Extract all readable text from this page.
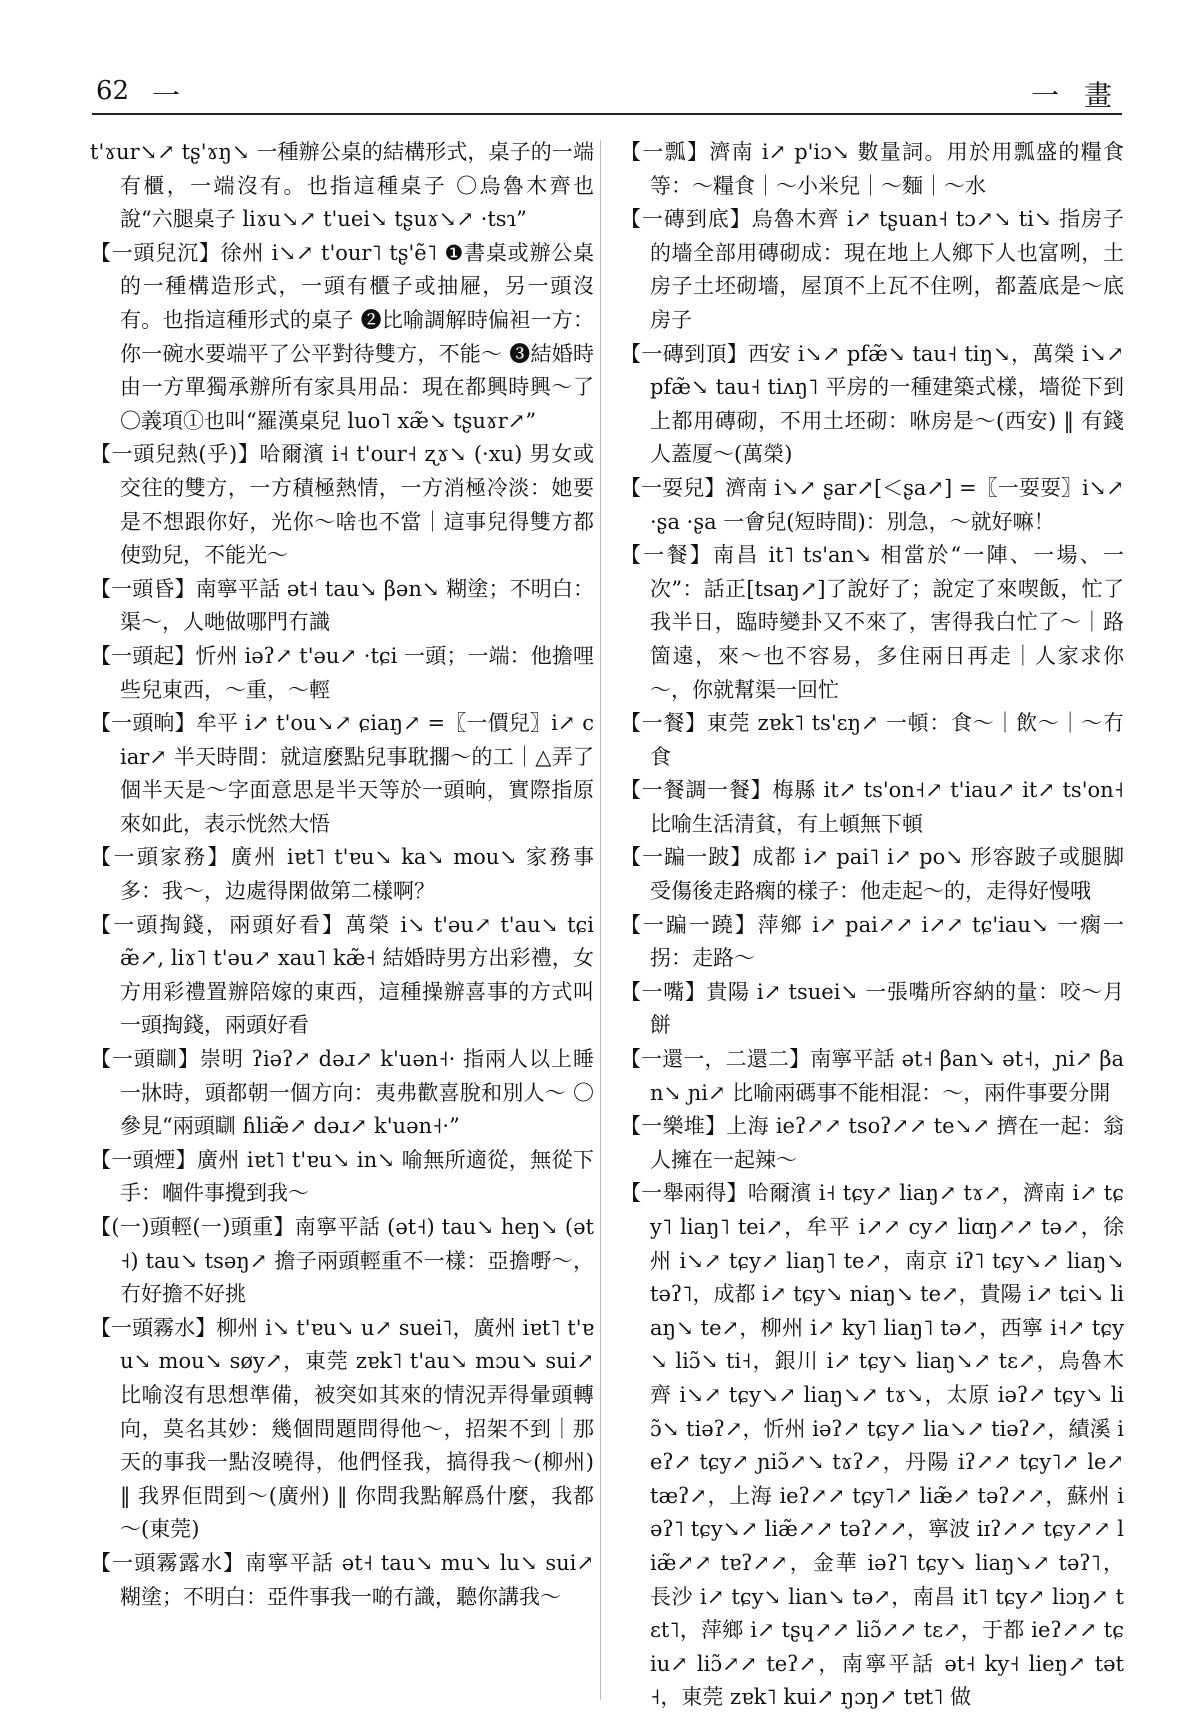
62 一	一 畫

t'ɤur↘↗ tʂ'ɤŋ↘ 一種辦公桌的結構形式，桌子的一端有櫃，一端沒有。也指這種桌子 〇烏魯木齊也說“六腿桌子 liɤu↘↗ t'uei↘ tʂuɤ↘↗ ·tsɿ”

【一頭兒沉】徐州 i↘↗ t'our˥ tʂ'ẽ˥ ❶書桌或辦公桌的一種構造形式，一頭有櫃子或抽屜，另一頭沒有。也指這種形式的桌子 ❷比喻調解時偏袒一方：你一碗水要端平了公平對待雙方，不能～ ❸結婚時由一方單獨承辦所有家具用品：現在都興時興～了 〇義項①也叫“羅漢桌兒 luo˥ xæ̃↘ tʂuɤr↗”

【一頭兒熱(乎)】哈爾濱 i˧ t'our˧ ʐɤ↘ (·xu) 男女或交往的雙方，一方積極熱情，一方消極冷淡：她要是不想跟你好，光你～啥也不當｜這事兒得雙方都使勁兒，不能光～

【一頭昏】南寧平話 ət˧ tau↘ βən↘ 糊塗；不明白：渠～，人哋做哪門冇識

【一頭起】忻州 iəʔ↗ t'əu↗ ·tɕi 一頭；一端：他擔哩些兒東西，～重，～輕

【一頭晌】牟平 i↗ t'ou↘↗ ɕiaŋ↗ =〖一價兒〗i↗ ciar↗ 半天時間：就這麼點兒事耽擱～的工｜△弄了個半天是～字面意思是半天等於一頭晌，實際指原來如此，表示恍然大悟

【一頭家務】廣州 iɐt˥ t'ɐu↘ ka↘ mou↘ 家務事多：我～，边處得閑做第二樣啊？

【一頭掏錢，兩頭好看】萬榮 i↘ t'əu↗ t'au↘ tɕiæ̃↗, liɤ˥ t'əu↗ xau˥ kæ̃˧ 結婚時男方出彩禮，女方用彩禮置辦陪嫁的東西，這種操辦喜事的方式叫一頭掏錢，兩頭好看

【一頭瞓】崇明 ʔiəʔ↗ dəɹ↗ k'uən˧· 指兩人以上睡一牀時，頭都朝一個方向：夷弗歡喜脫和別人～ 〇參見“兩頭瞓 ɦliæ̃↗ dəɹ↗ k'uən˧·”

【一頭煙】廣州 iɐt˥ t'ɐu↘ in↘ 喻無所適從，無從下手：嗰件事攪到我～

【(一)頭輕(一)頭重】南寧平話 (ət˧) tau↘ heŋ↘ (ət˧) tau↘ tsəŋ↗ 擔子兩頭輕重不一樣：亞擔嘢～，冇好擔不好挑

【一頭霧水】柳州 i↘ t'ɐu↘ u↗ suei˥，廣州 iɐt˥ t'ɐu↘ mou↘ søy↗，東莞 zɐk˥ t'au↘ mɔu↘ sui↗ 比喻沒有思想準備，被突如其來的情況弄得暈頭轉向，莫名其妙：幾個問題問得他～，招架不到｜那天的事我一點沒曉得，他們怪我，搞得我～(柳州) ‖ 我界佢問到～(廣州) ‖ 你問我點解爲什麼，我都～(東莞)

【一頭霧露水】南寧平話 ət˧ tau↘ mu↘ lu↘ sui↗ 糊塗；不明白：亞件事我一啲冇識，聽你講我～

【一瓢】濟南 i↗ p'iɔ↘ 數量詞。用於用瓢盛的糧食等：～糧食｜～小米兒｜～麵｜～水

【一磚到底】烏魯木齊 i↗ tʂuan˧ tɔ↗↘ ti↘ 指房子的墻全部用磚砌成：現在地上人鄉下人也富咧，土房子土坯砌墻，屋頂不上瓦不住咧，都蓋底是～底房子

【一磚到頂】西安 i↘↗ pfæ̃↘ tau˧ tiŋ↘，萬榮 i↘↗ pfæ̃↘ tau˧ tiʌŋ˥ 平房的一種建築式樣，墻從下到上都用磚砌，不用土坯砌：咻房是～(西安) ‖ 有錢人蓋厦～(萬榮)

【一耍兒】濟南 i↘↗ ʂar↗[＜ʂa↗] =〖一耍耍〗i↘↗ ·ʂa ·ʂa 一會兒(短時間)：別急，～就好嘛！

【一餐】南昌 it˥ ts'an↘ 相當於“一陣、一場、一次”：話正[tsaŋ↗]了說好了；說定了來喫飯，忙了我半日，臨時變卦又不來了，害得我白忙了～｜路箇遠，來～也不容易，多住兩日再走｜人家求你～，你就幫渠一回忙

【一餐】東莞 zɐk˥ ts'ɛŋ↗ 一頓：食～｜飲～｜～冇食

【一餐調一餐】梅縣 it↗ ts'on˧↗ t'iau↗ it↗ ts'on˧ 比喻生活清貧，有上頓無下頓

【一蹁一跛】成都 i↗ pai˥ i↗ po↘ 形容跛子或腿脚受傷後走路瘸的樣子：他走起～的，走得好慢哦

【一蹁一蹺】萍鄉 i↗ pai↗↗ i↗↗ tɕ'iau↘ 一瘸一拐：走路～

【一嘴】貴陽 i↗ tsuei↘ 一張嘴所容納的量：咬～月餅

【一還一，二還二】南寧平話 ət˧ βan↘ ət˧，ɲi↗ βan↘ ɲi↗ 比喻兩碼事不能相混：～，兩件事要分開

【一樂堆】上海 ieʔ↗↗ tsoʔ↗↗ te↘↗ 擠在一起：翁人擁在一起辣～

【一舉兩得】哈爾濱 i˧ tɕy↗ liaŋ↗ tɤ↗，濟南 i↗ tɕy˥ liaŋ˥ tei↗，牟平 i↗↗ cy↗ liɑŋ↗↗ tə↗，徐州 i↘↗ tɕy↗ liaŋ˥ te↗，南京 iʔ˥ tɕy↘↗ liaŋ↘ təʔ˥，成都 i↗ tɕy↘ niaŋ↘ te↗，貴陽 i↗ tɕi↘ liaŋ↘ te↗，柳州 i↗ ky˥ liaŋ˥ tə↗，西寧 i˧↗ tɕy↘ liɔ̃↘ ti˧，銀川 i↗ tɕy↘ liaŋ↘↗ tɛ↗，烏魯木齊 i↘↗ tɕy↘↗ liaŋ↘↗ tɤ↘，太原 iəʔ↗ tɕy↘ liɔ̃↘ tiəʔ↗，忻州 iəʔ↗ tɕy↗ lia↘↗ tiəʔ↗，績溪 ieʔ↗ tɕy↗ ɲiɔ̃↗↘ tɤʔ↗，丹陽 iʔ↗↗ tɕy˥↗ le↗ tæʔ↗，上海 ieʔ↗↗ tɕy˥↗ liæ̃↗ təʔ↗↗，蘇州 iəʔ˥ tɕy↘↗ liæ̃↗↗ təʔ↗↗，寧波 iɪʔ↗↗ tɕy↗↗ liæ̃↗↗ tɐʔ↗↗，金華 iəʔ˥ tɕy↘ liaŋ↘↗ təʔ˥，長沙 i↗ tɕy↘ lian↘ tə↗，南昌 it˥ tɕy↗ liɔŋ↗ tɛt˥，萍鄉 i↗ tʂɥ↗↗ liɔ̃↗↗ tɛ↗，于都 ieʔ↗↗ tɕiu↗ liɔ̃↗↗ teʔ↗，南寧平話 ət˧ ky˧ lieŋ↗ tət˧，東莞 zɐk˥ kui↗ ŋɔŋ↗ tɐt˥ 做
